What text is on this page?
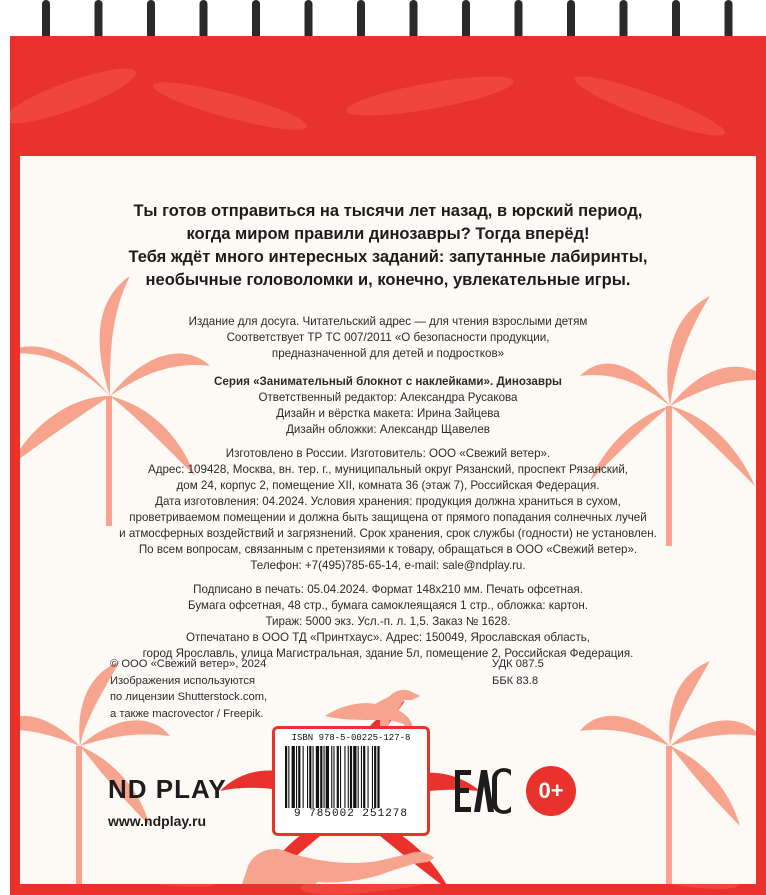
Ты готов отправиться на тысячи лет назад, в юрский период,
когда миром правили динозавры? Тогда вперёд!
Тебя ждёт много интересных заданий: запутанные лабиринты,
необычные головоломки и, конечно, увлекательные игры.
Издание для досуга. Читательский адрес — для чтения взрослыми детям
Соответствует ТР ТС 007/2011 «О безопасности продукции,
предназначенной для детей и подростков»
Серия «Занимательный блокнот с наклейками». Динозавры
Ответственный редактор: Александра Русакова
Дизайн и вёрстка макета: Ирина Зайцева
Дизайн обложки: Александр Щавелев
Изготовлено в России. Изготовитель: ООО «Свежий ветер».
Адрес: 109428, Москва, вн. тер. г., муниципальный округ Рязанский, проспект Рязанский,
дом 24, корпус 2, помещение XII, комната 36 (этаж 7), Российская Федерация.
Дата изготовления: 04.2024. Условия хранения: продукция должна храниться в сухом,
проветриваемом помещении и должна быть защищена от прямого попадания солнечных лучей
и атмосферных воздействий и загрязнений. Срок хранения, срок службы (годности) не установлен.
По всем вопросам, связанным с претензиями к товару, обращаться в ООО «Свежий ветер».
Телефон: +7(495)785-65-14, e-mail: sale@ndplay.ru.
Подписано в печать: 05.04.2024. Формат 148х210 мм. Печать офсетная.
Бумага офсетная, 48 стр., бумага самоклеящаяся 1 стр., обложка: картон.
Тираж: 5000 экз. Усл.-п. л. 1,5. Заказ № 1628.
Отпечатано в ООО ТД «Принтхаус». Адрес: 150049, Ярославская область,
город Ярославль, улица Магистральная, здание 5л, помещение 2, Российская Федерация.
© ООО «Свежий ветер», 2024
Изображения используются
по лицензии Shutterstock.com,
а также macrovector / Freepik.
УДК 087.5
ББК 83.8
ISBN 978-5-00225-127-8
9 785002 251278
ND PLAY
www.ndplay.ru
0+
